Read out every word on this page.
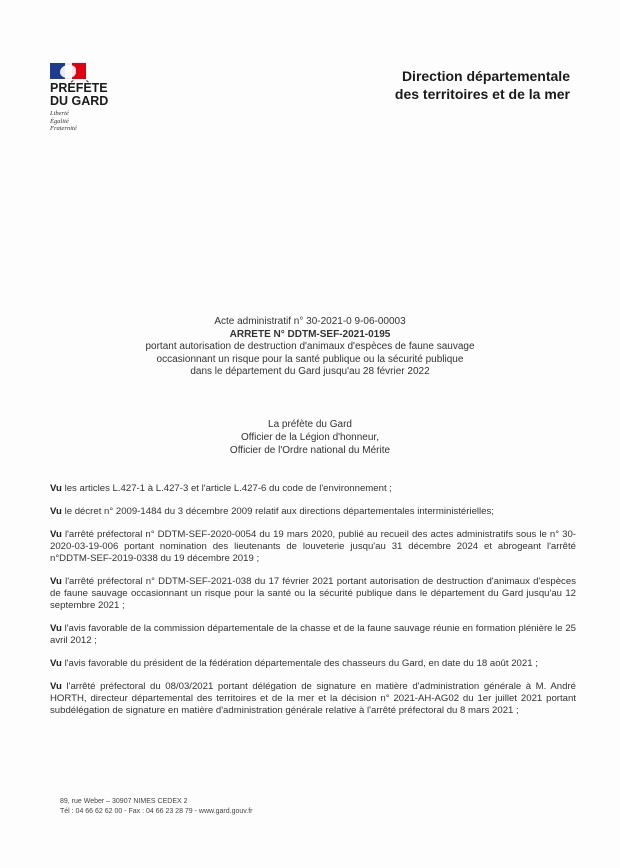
PRÉFÈTE
DU GARD
Liberté
Égalité
Fraternité
Direction départementale
des territoires et de la mer
Acte administratif n° 30-2021-0 9-06-00003
ARRETE N° DDTM-SEF-2021-0195
portant autorisation de destruction d'animaux d'espèces de faune sauvage
occasionnant un risque pour la santé publique ou la sécurité publique
dans le département du Gard jusqu'au 28 février 2022
La préfète du Gard
Officier de la Légion d'honneur,
Officier de l'Ordre national du Mérite

Vu les articles L.427-1 à L.427-3 et l'article L.427-6 du code de l'environnement ;

Vu le décret n° 2009-1484 du 3 décembre 2009 relatif aux directions départementales interministérielles;

Vu l'arrêté préfectoral n° DDTM-SEF-2020-0054 du 19 mars 2020, publié au recueil des actes administratifs sous le n° 30-2020-03-19-006 portant nomination des lieutenants de louveterie jusqu'au 31 décembre 2024 et abrogeant l'arrêté n°DDTM-SEF-2019-0338 du 19 décembre 2019 ;

Vu l'arrêté préfectoral n° DDTM-SEF-2021-038 du 17 février 2021 portant autorisation de destruction d'animaux d'espèces de faune sauvage occasionnant un risque pour la santé ou la sécurité publique dans le département du Gard jusqu'au 12 septembre 2021 ;

Vu l'avis favorable de la commission départementale de la chasse et de la faune sauvage réunie en formation plénière le 25 avril 2012 ;

Vu l'avis favorable du président de la fédération départementale des chasseurs du Gard, en date du 18 août 2021 ;

Vu l'arrêté préfectoral du 08/03/2021 portant délégation de signature en matière d'administration générale à M. André HORTH, directeur départemental des territoires et de la mer et la décision n° 2021-AH-AG02 du 1er juillet 2021 portant subdélégation de signature en matière d'administration générale relative à l'arrêté préfectoral du 8 mars 2021 ;

89, rue Weber – 30907 NIMES CEDEX 2
Tél : 04 66 62 62 00 - Fax : 04 66 23 28 79 - www.gard.gouv.fr
